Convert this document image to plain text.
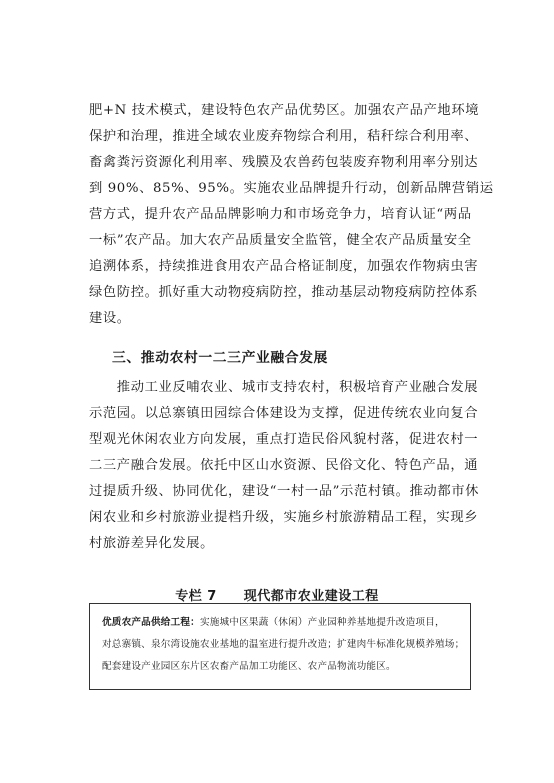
肥+N 技术模式，建设特色农产品优势区。加强农产品产地环境
保护和治理，推进全域农业废弃物综合利用，秸秆综合利用率、
畜禽粪污资源化利用率、残膜及农兽药包装废弃物利用率分别达
到 90%、85%、95%。实施农业品牌提升行动，创新品牌营销运
营方式，提升农产品品牌影响力和市场竞争力，培育认证“两品
一标”农产品。加大农产品质量安全监管，健全农产品质量安全
追溯体系，持续推进食用农产品合格证制度，加强农作物病虫害
绿色防控。抓好重大动物疫病防控，推动基层动物疫病防控体系
建设。
三、推动农村一二三产业融合发展
　　推动工业反哺农业、城市支持农村，积极培育产业融合发展
示范园。以总寨镇田园综合体建设为支撑，促进传统农业向复合
型观光休闲农业方向发展，重点打造民俗风貌村落，促进农村一
二三产融合发展。依托中区山水资源、民俗文化、特色产品，通
过提质升级、协同优化，建设“一村一品”示范村镇。推动都市休
闲农业和乡村旅游业提档升级，实施乡村旅游精品工程，实现乡
村旅游差异化发展。
专栏 7　　现代都市农业建设工程
优质农产品供给工程：实施城中区果蔬（休闲）产业园种养基地提升改造项目，
对总寨镇、泉尔湾设施农业基地的温室进行提升改造；扩建肉牛标准化规模养殖场；
配套建设产业园区东片区农畜产品加工功能区、农产品物流功能区。
